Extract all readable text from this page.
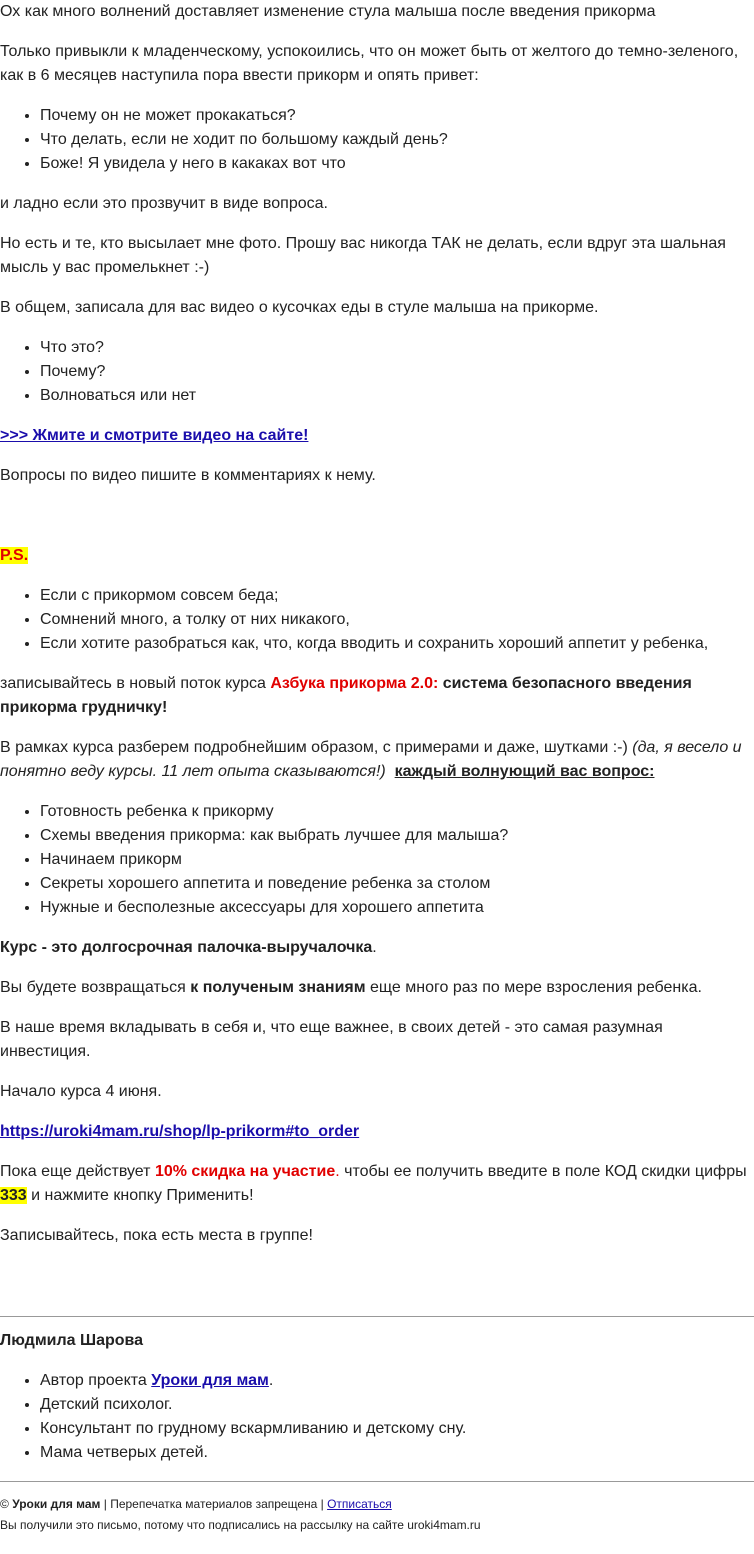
Ох как много волнений доставляет изменение стула малыша после введения прикорма

Только привыкли к младенческому, успокоились, что он может быть от желтого до темно-зеленого, как в 6 месяцев наступила пора ввести прикорм и опять привет:

• Почему он не может прокакаться?
• Что делать, если не ходит по большому каждый день?
• Боже! Я увидела у него в какаках вот что

и ладно если это прозвучит в виде вопроса.

Но есть и те, кто высылает мне фото. Прошу вас никогда ТАК не делать, если вдруг эта шальная мысль у вас промелькнет :-)

В общем, записала для вас видео о кусочках еды в стуле малыша на прикорме.

• Что это?
• Почему?
• Волноваться или нет

>>> Жмите и смотрите видео на сайте!

Вопросы по видео пишите в комментариях к нему.

P.S.

• Если с прикормом совсем беда;
• Сомнений много, а толку от них никакого,
• Если хотите разобраться как, что, когда вводить и сохранить хороший аппетит у ребенка,

записывайтесь в новый поток курса Азбука прикорма 2.0: система безопасного введения прикорма грудничку!

В рамках курса разберем подробнейшим образом, с примерами и даже, шутками :-) (да, я весело и понятно веду курсы. 11 лет опыта сказываются!) каждый волнующий вас вопрос:

• Готовность ребенка к прикорму
• Схемы введения прикорма: как выбрать лучшее для малыша?
• Начинаем прикорм
• Секреты хорошего аппетита и поведение ребенка за столом
• Нужные и бесполезные аксессуары для хорошего аппетита

Курс - это долгосрочная палочка-выручалочка.

Вы будете возвращаться к полученым знаниям еще много раз по мере взросления ребенка.

В наше время вкладывать в себя и, что еще важнее, в своих детей - это самая разумная инвестиция.

Начало курса 4 июня.

https://uroki4mam.ru/shop/lp-prikorm#to_order

Пока еще действует 10% скидка на участие. чтобы ее получить введите в поле КОД скидки цифры 333 и нажмите кнопку Применить!

Записывайтесь, пока есть места в группе!

Людмила Шарова

• Автор проекта Уроки для мам.
• Детский психолог.
• Консультант по грудному вскармливанию и детскому сну.
• Мама четверых детей.
© Уроки для мам | Перепечатка материалов запрещена | Отписаться
Вы получили это письмо, потому что подписались на рассылку на сайте uroki4mam.ru
